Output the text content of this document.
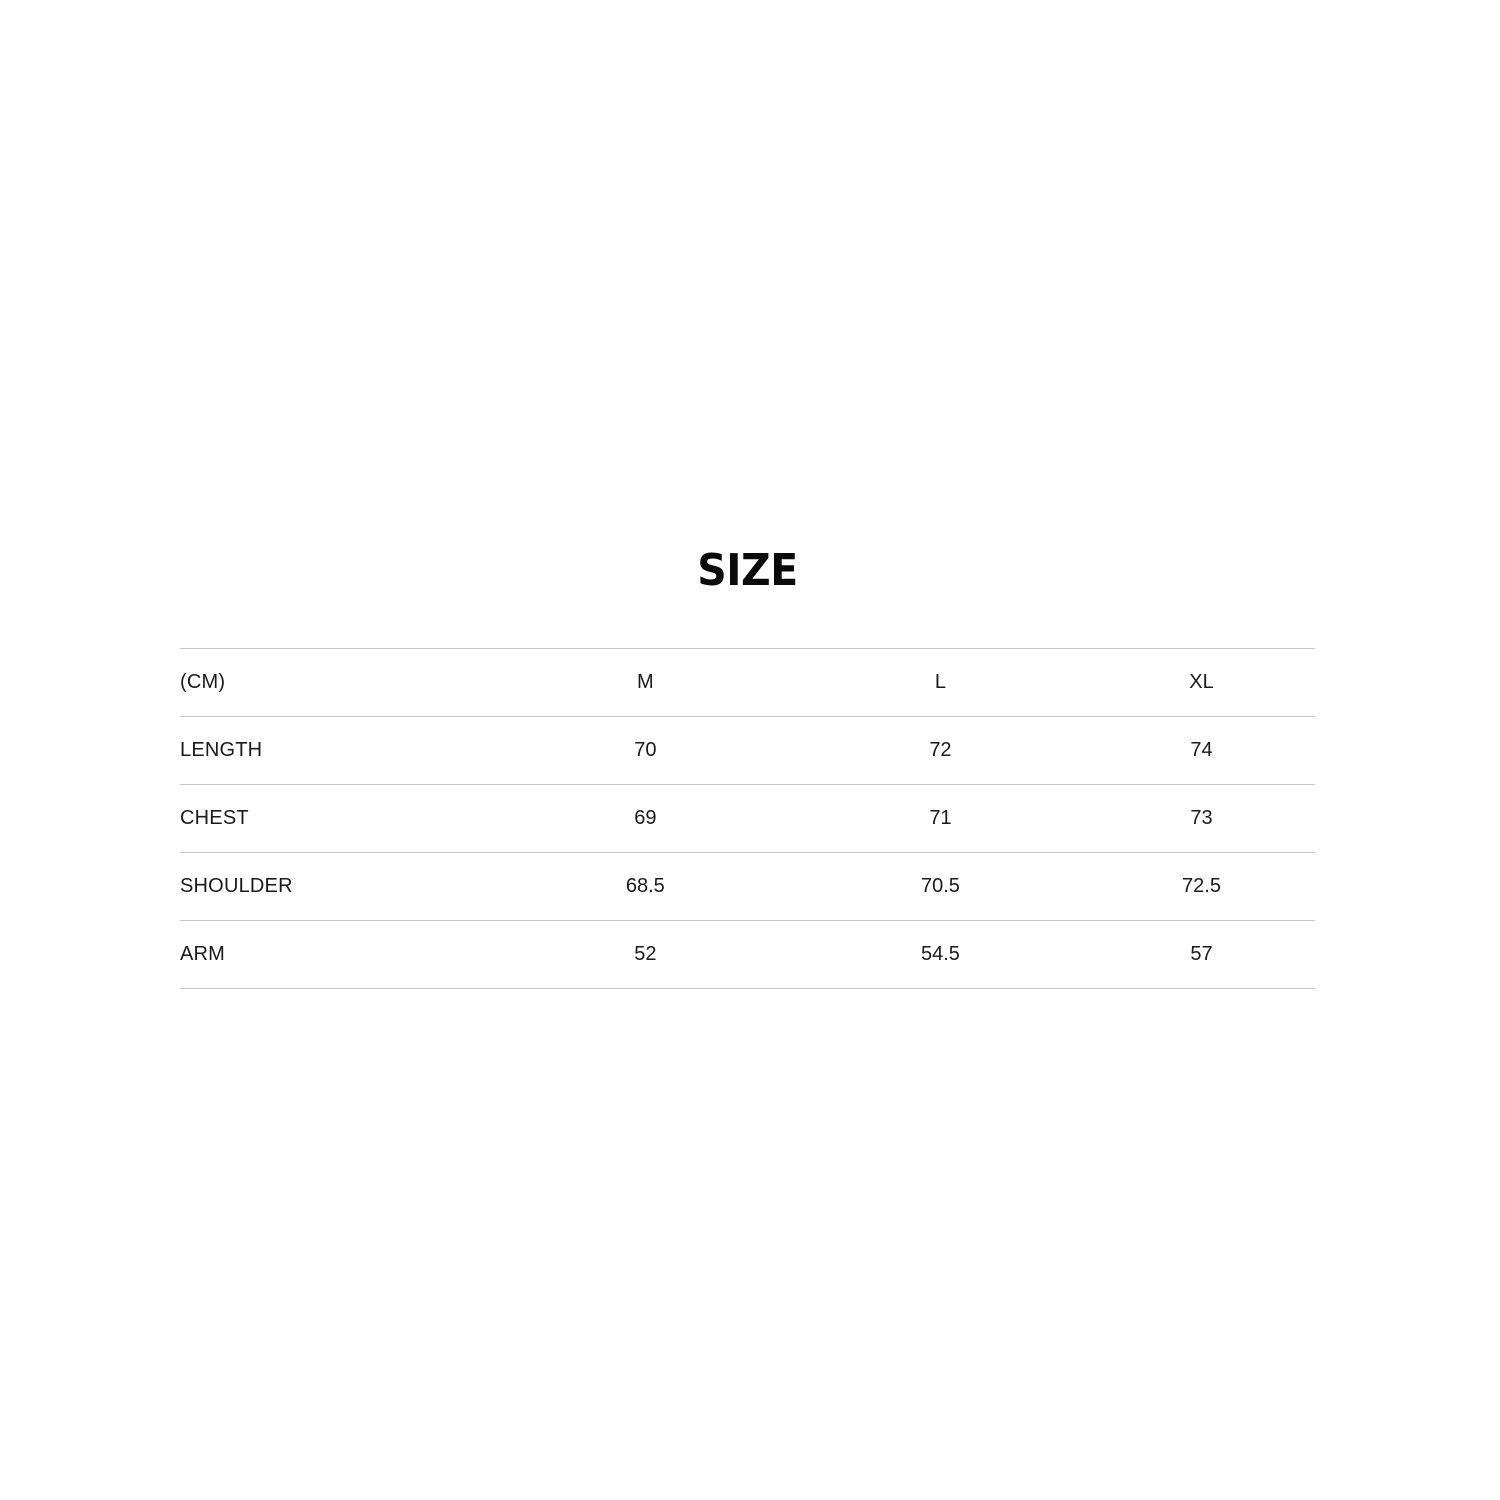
SIZE
(CM)	M	L	XL
LENGTH	70	72	74
CHEST	69	71	73
SHOULDER	68.5	70.5	72.5
ARM	52	54.5	57
